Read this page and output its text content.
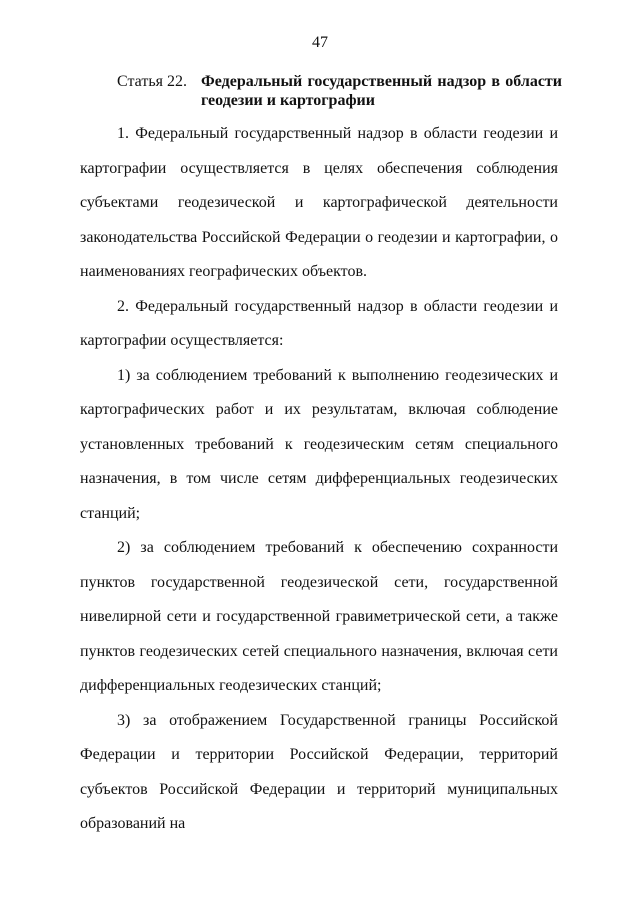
47
Статья 22. Федеральный государственный надзор в области геодезии и картографии

1. Федеральный государственный надзор в области геодезии и картографии осуществляется в целях обеспечения соблюдения субъектами геодезической и картографической деятельности законодательства Российской Федерации о геодезии и картографии, о наименованиях географических объектов.

2. Федеральный государственный надзор в области геодезии и картографии осуществляется:

1) за соблюдением требований к выполнению геодезических и картографических работ и их результатам, включая соблюдение установленных требований к геодезическим сетям специального назначения, в том числе сетям дифференциальных геодезических станций;

2) за соблюдением требований к обеспечению сохранности пунктов государственной геодезической сети, государственной нивелирной сети и государственной гравиметрической сети, а также пунктов геодезических сетей специального назначения, включая сети дифференциальных геодезических станций;

3) за отображением Государственной границы Российской Федерации и территории Российской Федерации, территорий субъектов Российской Федерации и территорий муниципальных образований на
